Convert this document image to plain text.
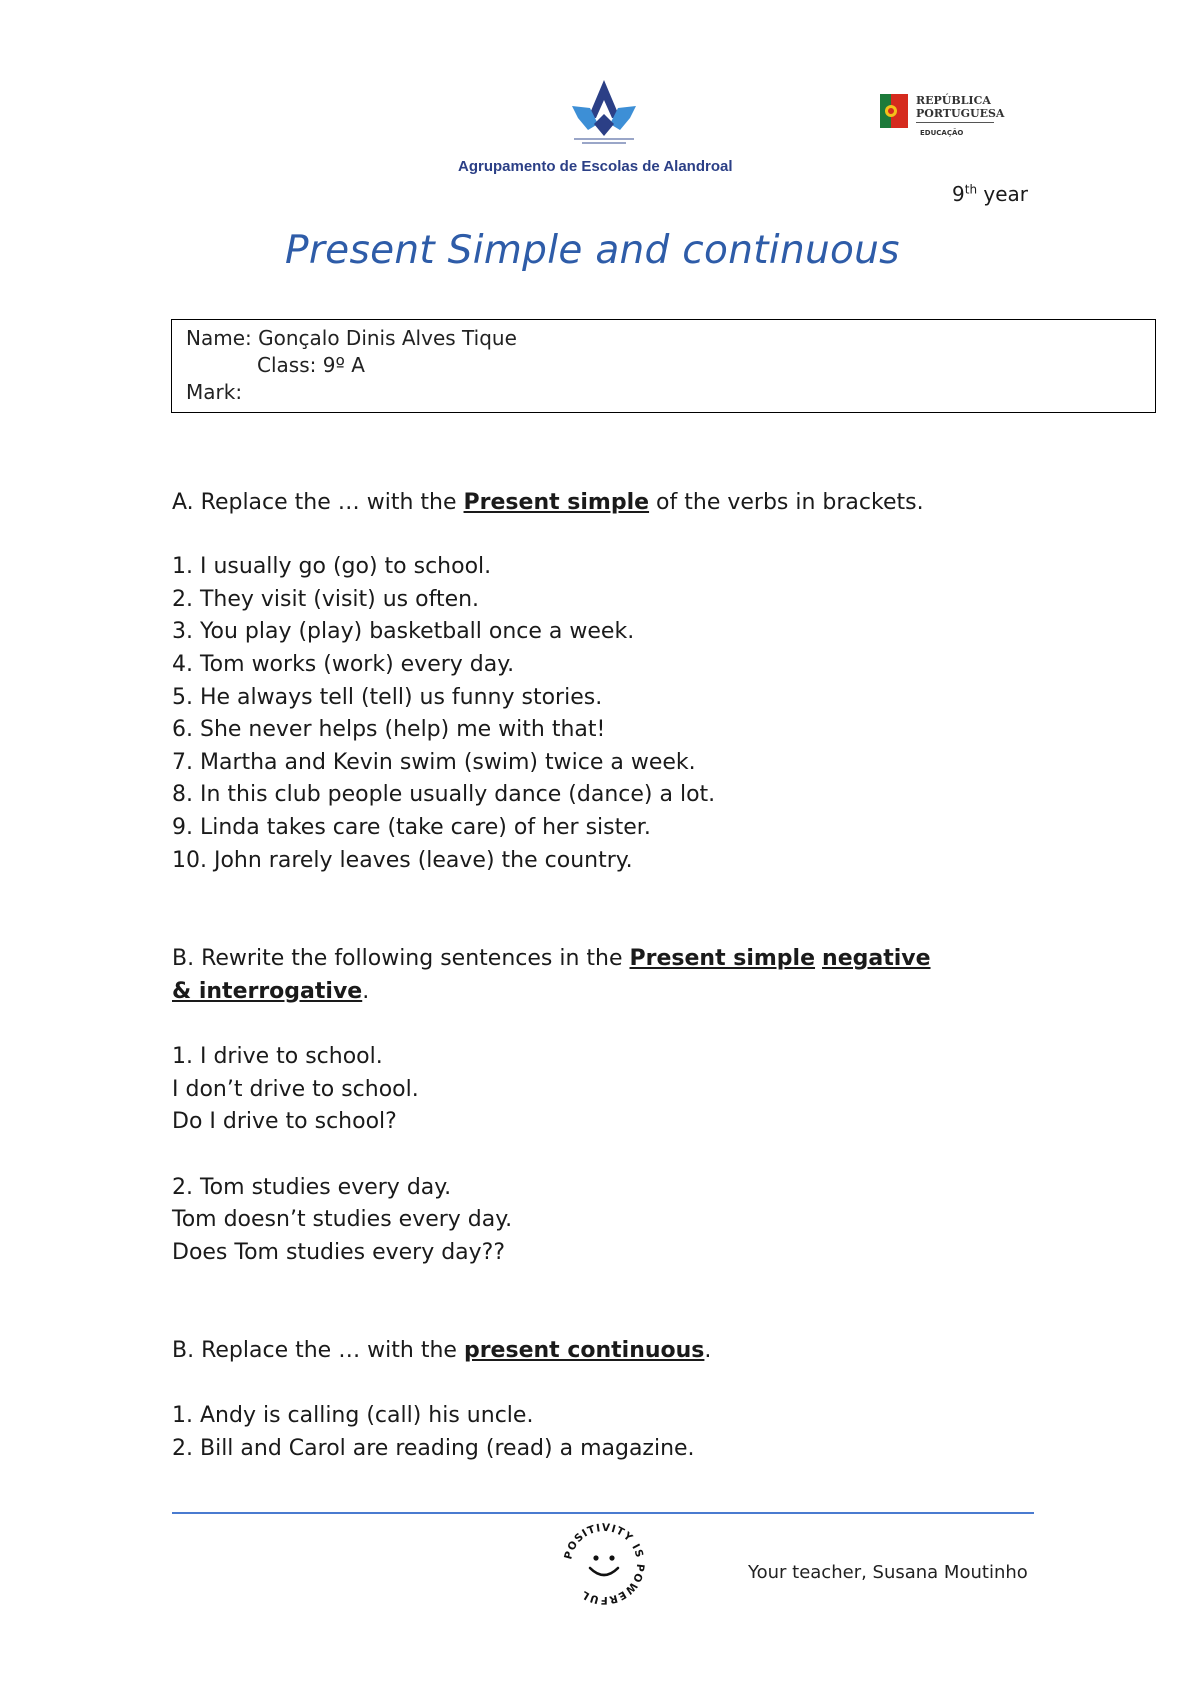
Agrupamento de Escolas de Alandroal
REPÚBLICA PORTUGUESA
EDUCAÇÃO
9th year
Present Simple and continuous
Name: Gonçalo Dinis Alves Tique
Class: 9º A
Mark:
A. Replace the … with the Present simple of the verbs in brackets.
1. I usually go (go) to school.
2. They visit (visit) us often.
3. You play (play) basketball once a week.
4. Tom works (work) every day.
5. He always tell (tell) us funny stories.
6. She never helps (help) me with that!
7. Martha and Kevin swim (swim) twice a week.
8. In this club people usually dance (dance) a lot.
9. Linda takes care (take care) of her sister.
10. John rarely leaves (leave) the country.
B. Rewrite the following sentences in the Present simple negative
& interrogative.
1. I drive to school.
I don’t drive to school.
Do I drive to school?
2. Tom studies every day.
Tom doesn’t studies every day.
Does Tom studies every day??
B. Replace the … with the present continuous.
1. Andy is calling (call) his uncle.
2. Bill and Carol are reading (read) a magazine.
POSITIVITY IS POWERFUL
Your teacher, Susana Moutinho
